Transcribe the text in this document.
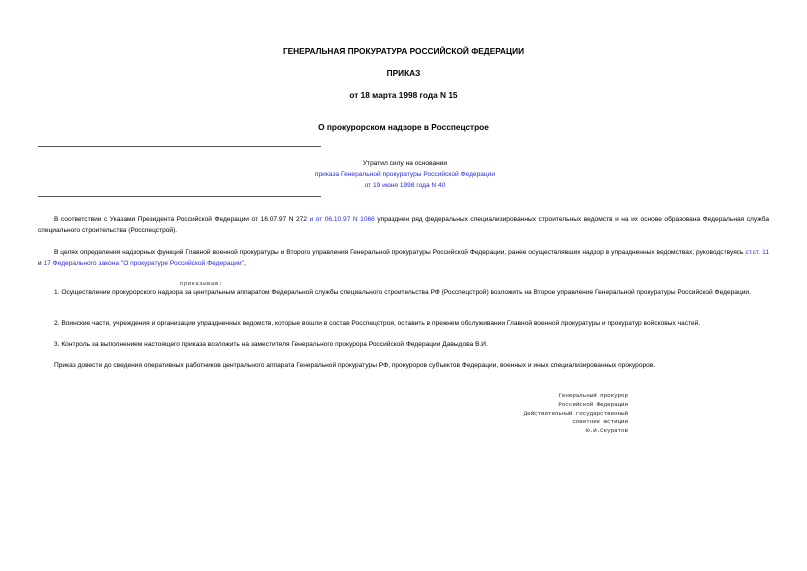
ГЕНЕРАЛЬНАЯ ПРОКУРАТУРА РОССИЙСКОЙ ФЕДЕРАЦИИ
ПРИКАЗ
от 18 марта 1998 года N 15
О прокурорском надзоре в Росспецстрое
Утратил силу на основании
приказа Генеральной прокуратуры Российской Федерации
от 19 июня 1998 года N 40
В соответствии с Указами Президента Российской Федерации от 16.07.97 N 272 и от 06.10.97 N 1066 упразднен ряд федеральных специализированных строительных ведомств и на их основе образована Федеральная служба специального строительства (Росспецстрой).
В целях определения надзорных функций Главной военной прокуратуры и Второго управления Генеральной прокуратуры Российской Федерации, ранее осуществлявших надзор в упраздненных ведомствах, руководствуясь ст.ст. 11 и 17 Федерального закона "О прокуратуре Российской Федерации",
приказываю:
1. Осуществление прокурорского надзора за центральным аппаратом Федеральной службы специального строительства РФ (Росспецстрой) возложить на Второе управление Генеральной прокуратуры Российской Федерации.
2. Воинские части, учреждения и организации упраздненных ведомств, которые вошли в состав Росспецстроя, оставить в прежнем обслуживании Главной военной прокуратуры и прокуратур войсковых частей.
3. Контроль за выполнением настоящего приказа возложить на заместителя Генерального прокурора Российской Федерации Давыдова В.И.
Приказ довести до сведения оперативных работников центрального аппарата Генеральной прокуратуры РФ, прокуроров субъектов Федерации, военных и иных специализированных прокуроров.
Генеральный прокурор
Российской Федерации
Действительный государственный
советник юстиции
Ю.И.Скуратов
